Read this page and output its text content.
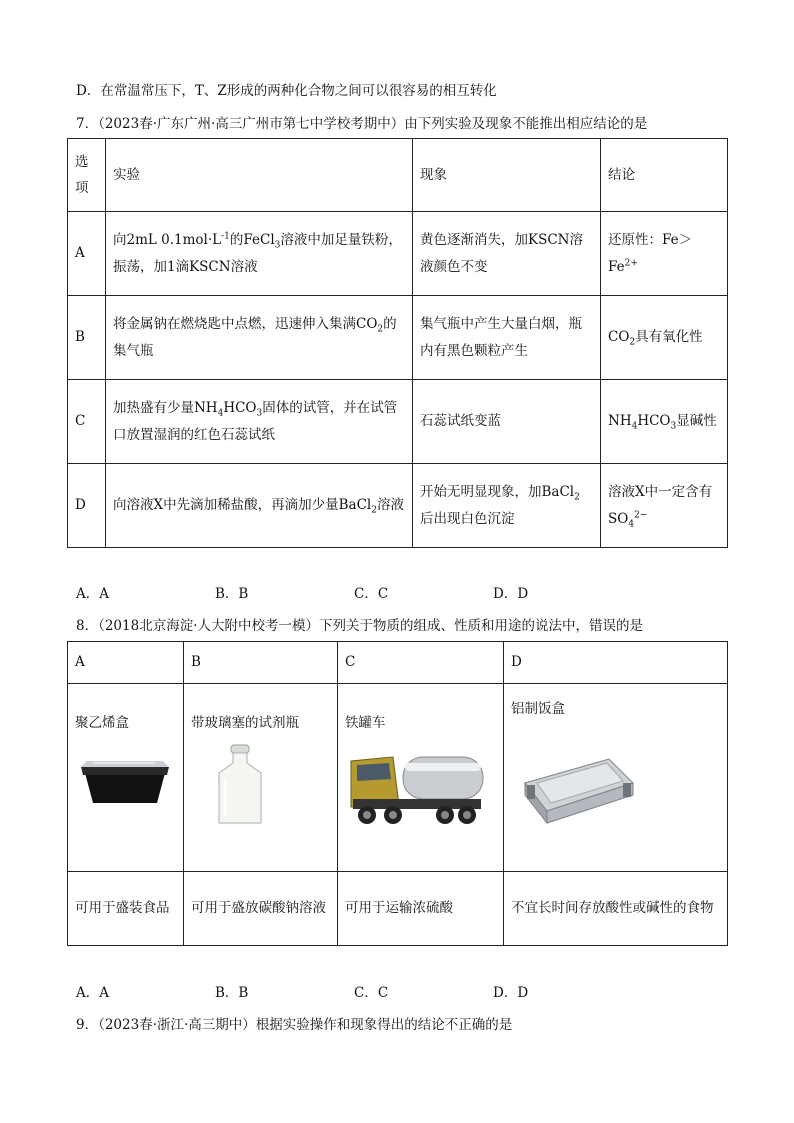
D．在常温常压下，T、Z形成的两种化合物之间可以很容易的相互转化
7．（2023春·广东广州·高三广州市第七中学校考期中）由下列实验及现象不能推出相应结论的是
选项	实验	现象	结论
A	向2mL $0.1mol\cdot L^{-1}$的FeCl$_3$溶液中加足量铁粉，振荡，加1滴KSCN溶液	黄色逐渐消失，加KSCN溶液颜色不变	还原性：$Fe>Fe^{2+}$
B	将金属钠在燃烧匙中点燃，迅速伸入集满$CO_2$的集气瓶	集气瓶中产生大量白烟，瓶内有黑色颗粒产生	$CO_2$具有氧化性
C	加热盛有少量$NH_4HCO_3$固体的试管，并在试管口放置湿润的红色石蕊试纸	石蕊试纸变蓝	$NH_4HCO_3$显碱性
D	向溶液X中先滴加稀盐酸，再滴加少量BaCl$_2$溶液	开始无明显现象，加BaCl$_2$后出现白色沉淀	溶液X中一定含有$SO_4^{2-}$
A．A	B．B	C．C	D．D
8．（2018北京海淀·人大附中校考一模）下列关于物质的组成、性质和用途的说法中，错误的是
A	B	C	D

聚乙烯盒	带玻璃塞的试剂瓶	铁罐车	铝制饭盒

可用于盛装食品	可用于盛放碳酸钠溶液	可用于运输浓硫酸	不宜长时间存放酸性或碱性的食物
A．A	B．B	C．C	D．D
9．（2023春·浙江·高三期中）根据实验操作和现象得出的结论不正确的是
